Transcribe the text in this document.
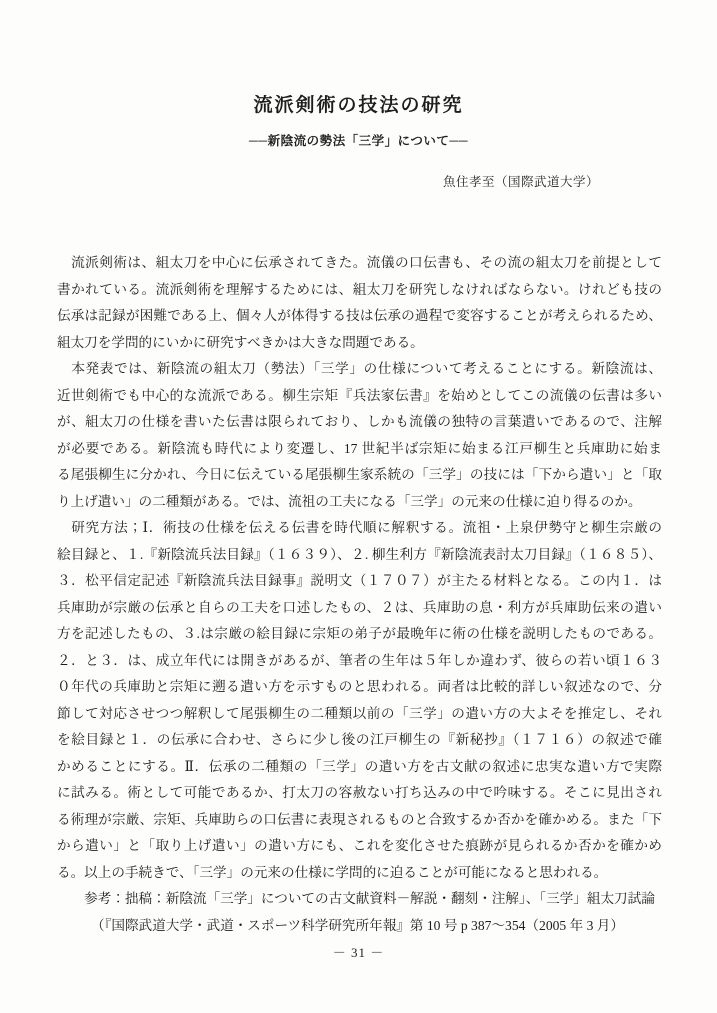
流派剣術の技法の研究
──新陰流の勢法「三学」について──
魚住孝至（国際武道大学）
　流派剣術は、組太刀を中心に伝承されてきた。流儀の口伝書も、その流の組太刀を前提として
書かれている。流派剣術を理解するためには、組太刀を研究しなければならない。けれども技の
伝承は記録が困難である上、個々人が体得する技は伝承の過程で変容することが考えられるため、
組太刀を学問的にいかに研究すべきかは大きな問題である。
　本発表では、新陰流の組太刀（勢法）「三学」の仕様について考えることにする。新陰流は、
近世剣術でも中心的な流派である。柳生宗矩『兵法家伝書』を始めとしてこの流儀の伝書は多い
が、組太刀の仕様を書いた伝書は限られており、しかも流儀の独特の言葉遣いであるので、注解
が必要である。新陰流も時代により変遷し、17 世紀半ば宗矩に始まる江戸柳生と兵庫助に始ま
る尾張柳生に分かれ、今日に伝えている尾張柳生家系統の「三学」の技には「下から遣い」と「取
り上げ遣い」の二種類がある。では、流祖の工夫になる「三学」の元来の仕様に迫り得るのか。
　研究方法；Ⅰ．術技の仕様を伝える伝書を時代順に解釈する。流祖・上泉伊勢守と柳生宗厳の
絵目録と、１.『新陰流兵法目録』（１６３９）、２. 柳生利方『新陰流表討太刀目録』（１６８５）、
３．松平信定記述『新陰流兵法目録事』説明文（１７０７）が主たる材料となる。この内１．は
兵庫助が宗厳の伝承と自らの工夫を口述したもの、２は、兵庫助の息・利方が兵庫助伝来の遣い
方を記述したもの、３.は宗厳の絵目録に宗矩の弟子が最晩年に術の仕様を説明したものである。
２．と３．は、成立年代には開きがあるが、筆者の生年は５年しか違わず、彼らの若い頃１６３
０年代の兵庫助と宗矩に遡る遣い方を示すものと思われる。両者は比較的詳しい叙述なので、分
節して対応させつつ解釈して尾張柳生の二種類以前の「三学」の遣い方の大よそを推定し、それ
を絵目録と１．の伝承に合わせ、さらに少し後の江戸柳生の『新秘抄』（１７１６）の叙述で確
かめることにする。Ⅱ．伝承の二種類の「三学」の遣い方を古文献の叙述に忠実な遣い方で実際
に試みる。術として可能であるか、打太刀の容赦ない打ち込みの中で吟味する。そこに見出され
る術理が宗厳、宗矩、兵庫助らの口伝書に表現されるものと合致するか否かを確かめる。また「下
から遣い」と「取り上げ遣い」の遣い方にも、これを変化させた痕跡が見られるか否かを確かめ
る。以上の手続きで、「三学」の元来の仕様に学問的に迫ることが可能になると思われる。
　　参考：拙稿：新陰流「三学」についての古文献資料－解説・翻刻・注解」、「三学」組太刀試論
　　　（『国際武道大学・武道・スポーツ科学研究所年報』第 10 号 p 387～354（2005 年 3 月）
－ 31 －
